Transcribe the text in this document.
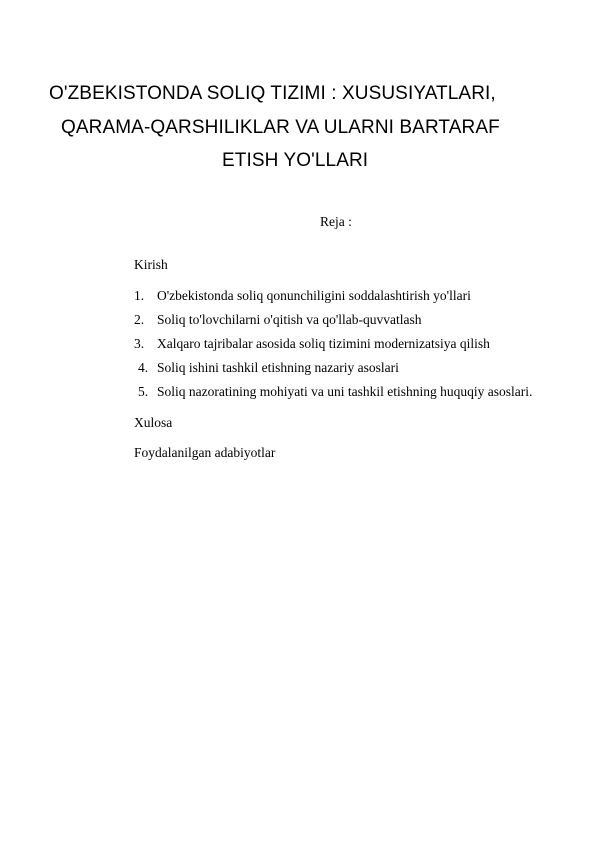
O'ZBEKISTONDA SOLIQ TIZIMI : XUSUSIYATLARI,
QARAMA-QARSHILIKLAR VA ULARNI BARTARAF
ETISH YO'LLARI
Reja :
Kirish
1. O'zbekistonda soliq qonunchiligini soddalashtirish yo'llari
2. Soliq to'lovchilarni o'qitish va qo'llab-quvvatlash
3. Xalqaro tajribalar asosida soliq tizimini modernizatsiya qilish
4. Soliq ishini tashkil etishning nazariy asoslari
5. Soliq nazoratining mohiyati va uni tashkil etishning huquqiy asoslari.
Xulosa
Foydalanilgan adabiyotlar
